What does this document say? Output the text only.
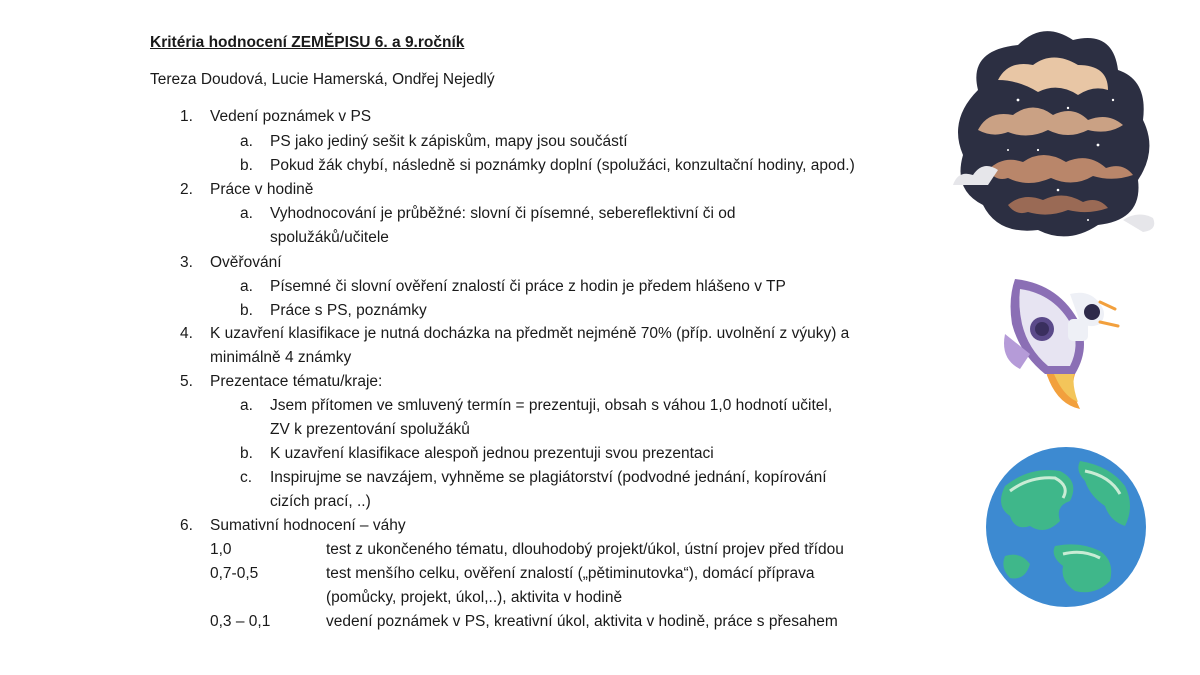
Kritéria hodnocení ZEMĚPISU 6. a 9.ročník
Tereza Doudová, Lucie Hamerská, Ondřej Nejedlý
1. Vedení poznámek v PS
a. PS jako jediný sešit k zápiskům, mapy jsou součástí
b. Pokud žák chybí, následně si poznámky doplní (spolužáci, konzultační hodiny, apod.)
2. Práce v hodině
a. Vyhodnocování je průběžné: slovní či písemné, sebereflektivní či od
spolužáků/učitele
3. Ověřování
a. Písemné či slovní ověření znalostí či práce z hodin je předem hlášeno v TP
b. Práce s PS, poznámky
4. K uzavření klasifikace je nutná docházka na předmět nejméně 70% (příp. uvolnění z výuky) a
minimálně 4 známky
5. Prezentace tématu/kraje:
a. Jsem přítomen ve smluvený termín = prezentuji, obsah s váhou 1,0 hodnotí učitel,
ZV k prezentování spolužáků
b. K uzavření klasifikace alespoň jednou prezentuji svou prezentaci
c. Inspirujme se navzájem, vyhněme se plagiátorství (podvodné jednání, kopírování
cizích prací, ..)
6. Sumativní hodnocení – váhy
1,0	test z ukončeného tématu, dlouhodobý projekt/úkol, ústní projev před třídou
0,7-0,5	test menšího celku, ověření znalostí („pětiminutovka“), domácí příprava
(pomůcky, projekt, úkol,..), aktivita v hodině
0,3 – 0,1	vedení poznámek v PS, kreativní úkol, aktivita v hodině, práce s přesahem
